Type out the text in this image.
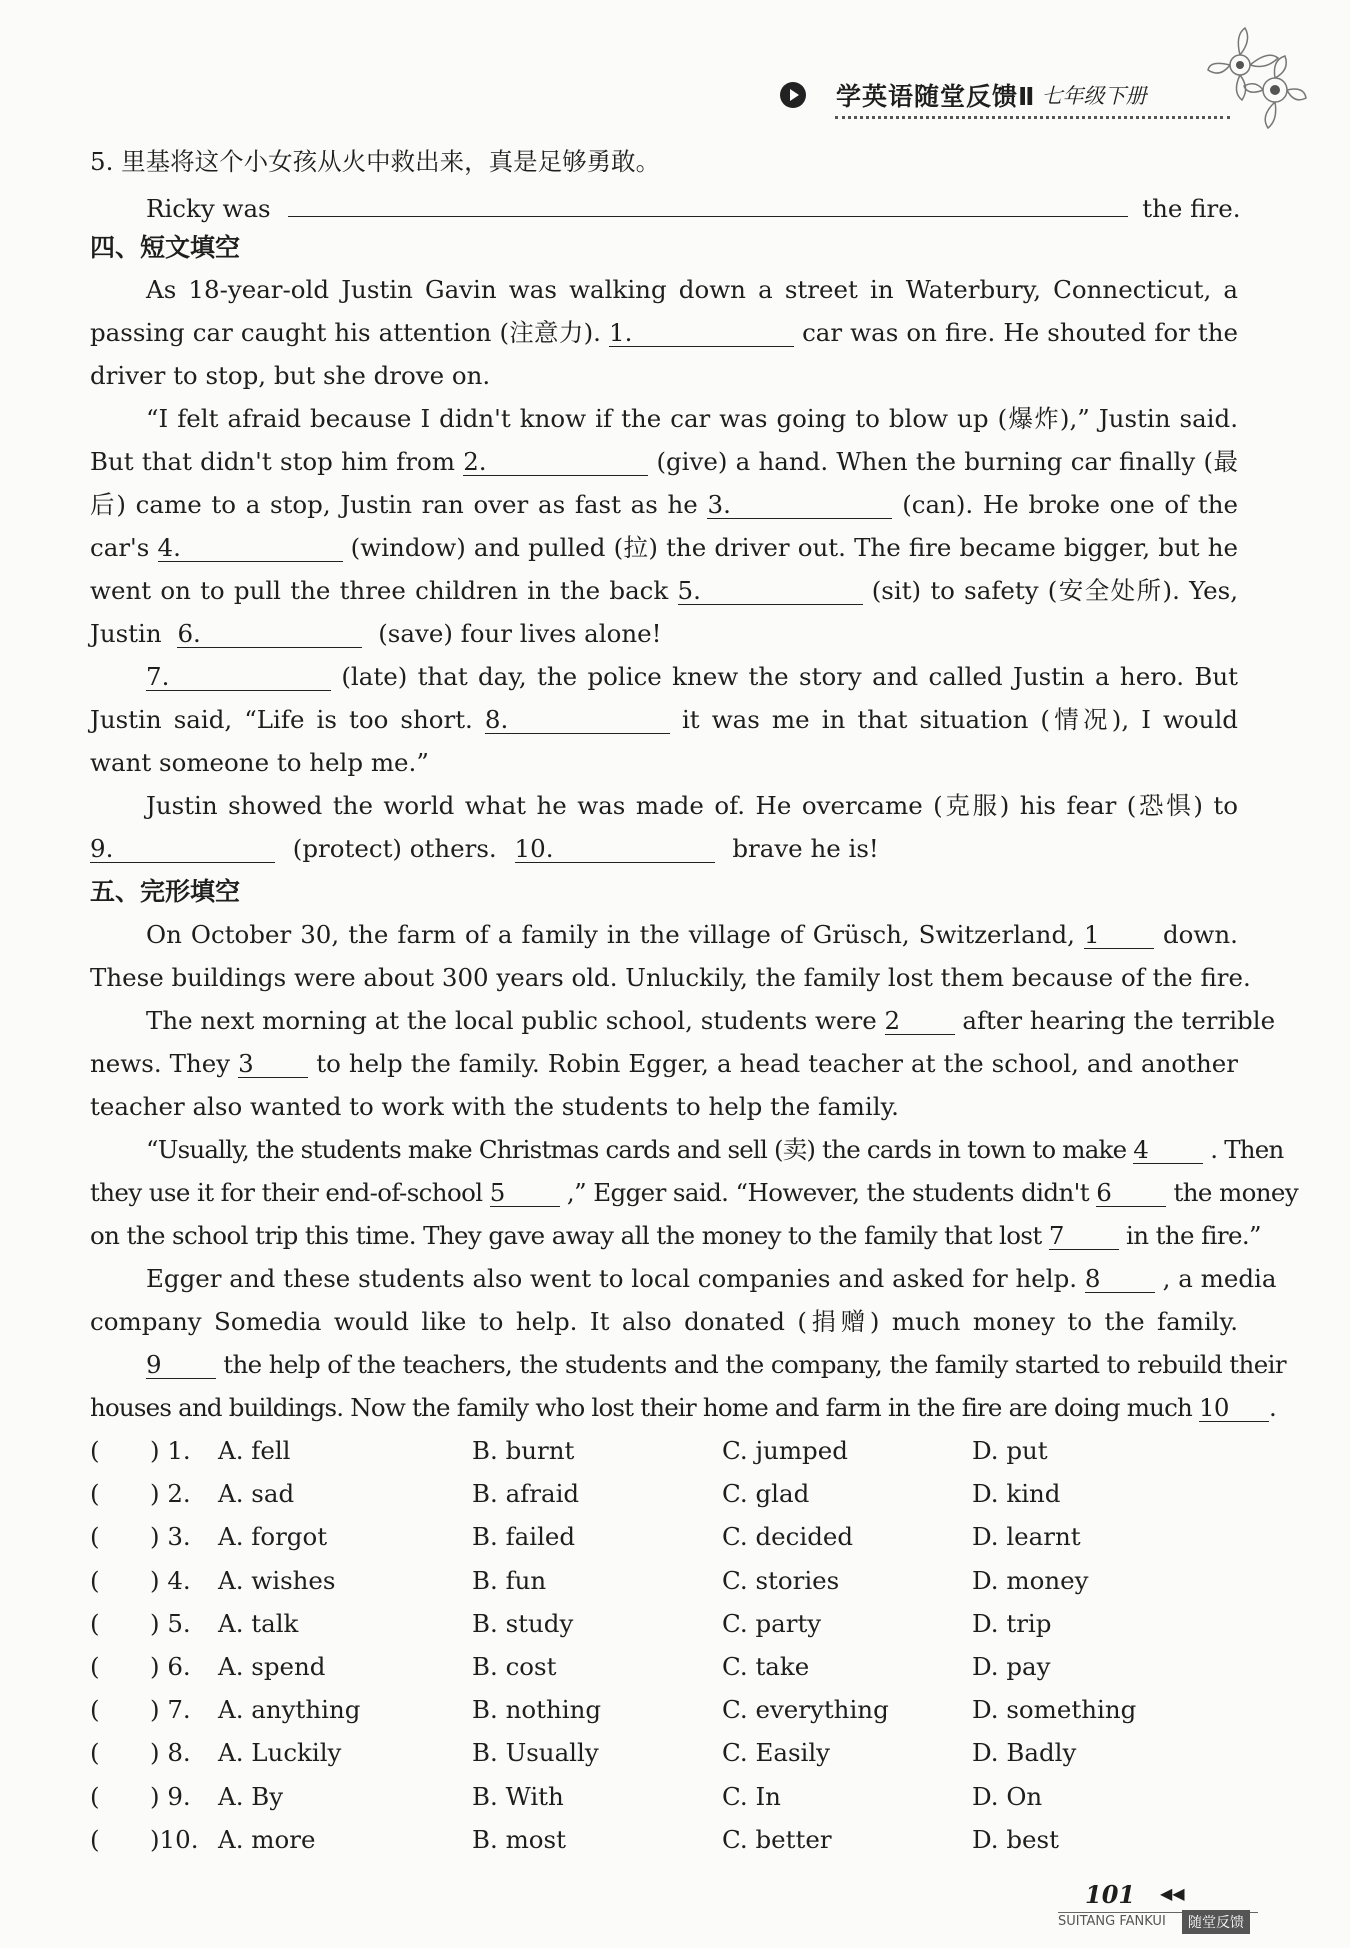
学英语随堂反馈Ⅱ 七年级下册
5. 里基将这个小女孩从火中救出来，真是足够勇敢。
Ricky was	the fire.
四、短文填空
As 18-year-old Justin Gavin was walking down a street in Waterbury, Connecticut, a
passing car caught his attention (注意力). 1.	car was on fire. He shouted for the
driver to stop, but she drove on.
“I felt afraid because I didn't know if the car was going to blow up (爆炸),” Justin said.
But that didn't stop him from 2.	(give) a hand. When the burning car finally (最
后) came to a stop, Justin ran over as fast as he 3.	(can). He broke one of the
car's 4.	(window) and pulled (拉) the driver out. The fire became bigger, but he
went on to pull the three children in the back 5.	(sit) to safety (安全处所). Yes,
Justin 6.	(save) four lives alone!
7.	(late) that day, the police knew the story and called Justin a hero. But
Justin said, “Life is too short. 8.	it was me in that situation (情况), I would
want someone to help me.”
Justin showed the world what he was made of. He overcame (克服) his fear (恐惧) to
9.	(protect) others. 10.	brave he is!
五、完形填空
On October 30, the farm of a family in the village of Grüsch, Switzerland, 1	down.
These buildings were about 300 years old. Unluckily, the family lost them because of the fire.
The next morning at the local public school, students were 2	after hearing the terrible
news. They 3	to help the family. Robin Egger, a head teacher at the school, and another
teacher also wanted to work with the students to help the family.
“Usually, the students make Christmas cards and sell (卖) the cards in town to make 4	. Then
they use it for their end-of-school 5	,” Egger said. “However, the students didn't 6	the money
on the school trip this time. They gave away all the money to the family that lost 7	in the fire.”
Egger and these students also went to local companies and asked for help. 8	, a media
company Somedia would like to help. It also donated (捐赠) much money to the family.
9	the help of the teachers, the students and the company, the family started to rebuild their
houses and buildings. Now the family who lost their home and farm in the fire are doing much 10 .
( ) 1. A. fell	B. burnt	C. jumped	D. put
( ) 2. A. sad	B. afraid	C. glad	D. kind
( ) 3. A. forgot	B. failed	C. decided	D. learnt
( ) 4. A. wishes	B. fun	C. stories	D. money
( ) 5. A. talk	B. study	C. party	D. trip
( ) 6. A. spend	B. cost	C. take	D. pay
( ) 7. A. anything	B. nothing	C. everything	D. something
( ) 8. A. Luckily	B. Usually	C. Easily	D. Badly
( ) 9. A. By	B. With	C. In	D. On
( )10. A. more	B. most	C. better	D. best
101 ◀◀
SUITANG FANKUI	随堂反馈
